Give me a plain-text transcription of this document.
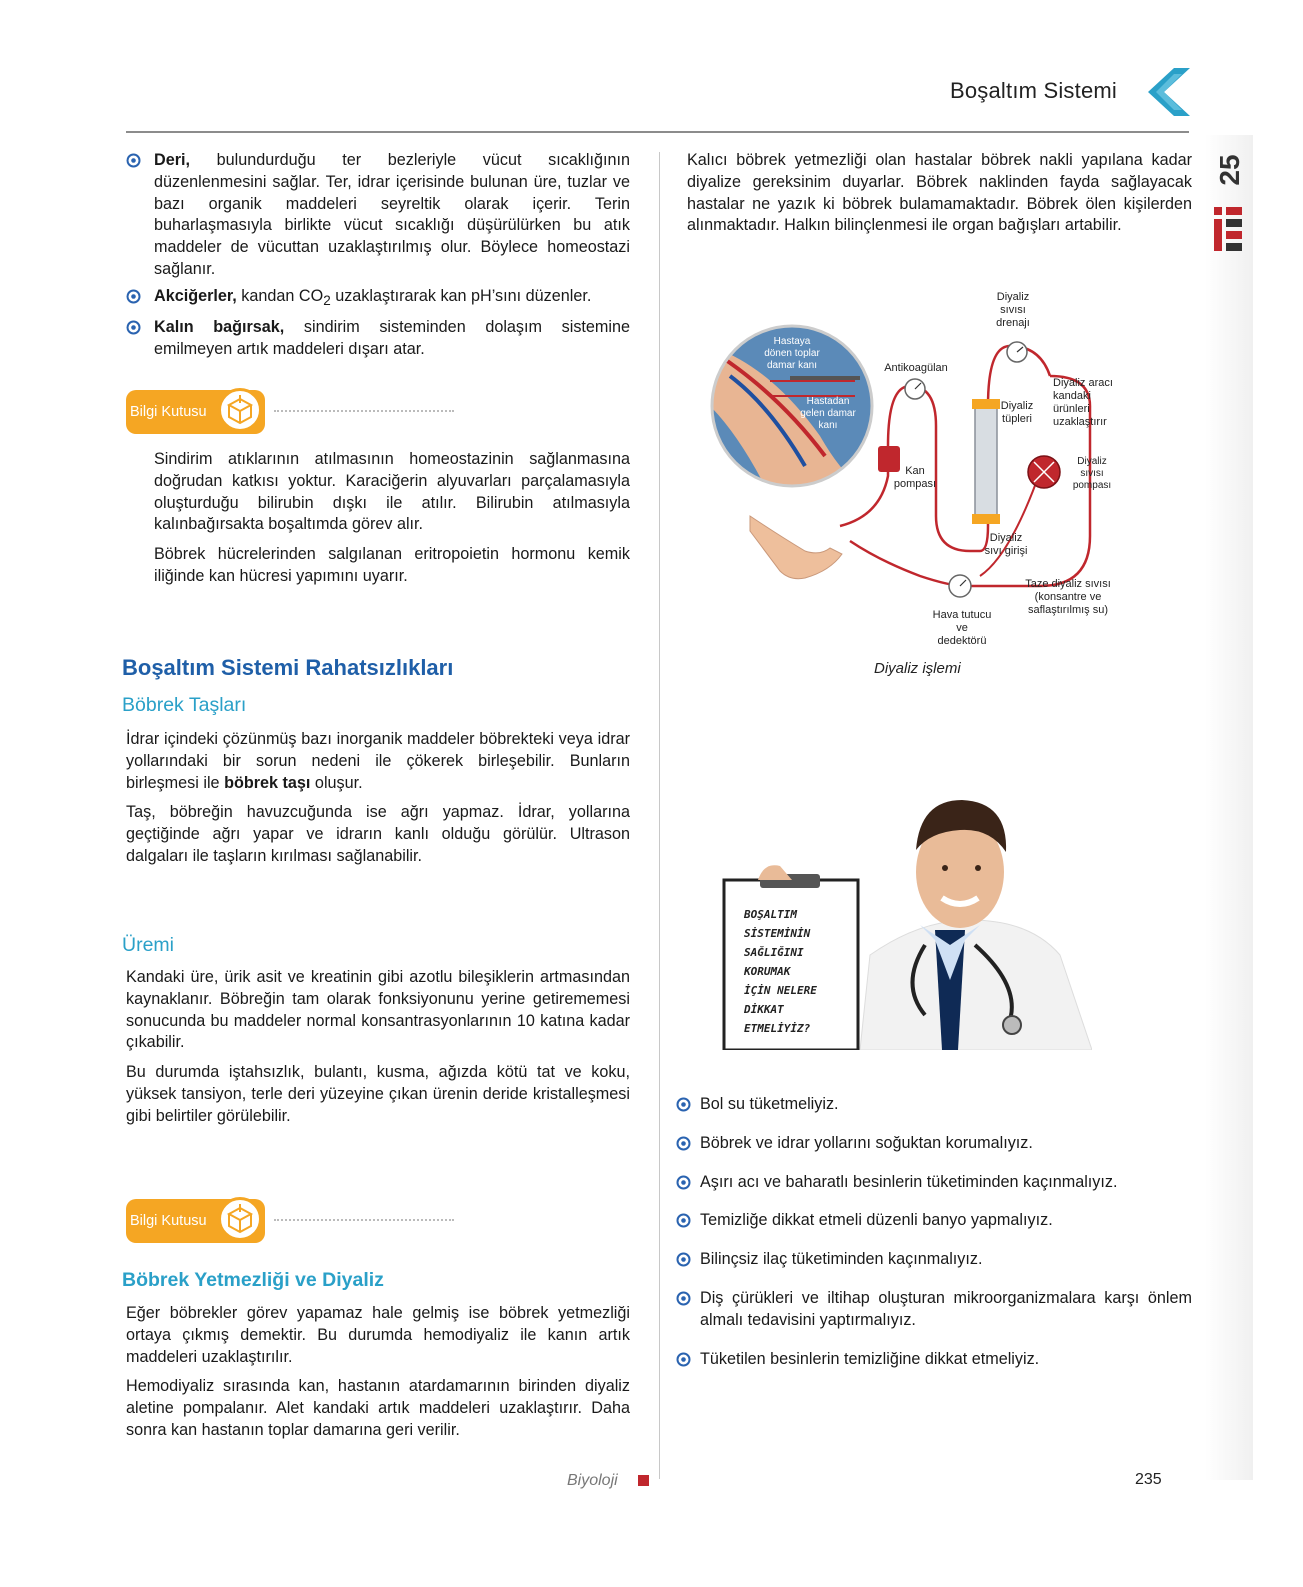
Boşaltım Sistemi
25
Deri, bulundurduğu ter bezleriyle vücut sıcaklığının düzenlenmesini sağlar. Ter, idrar içerisinde bulunan üre, tuzlar ve bazı organik maddeleri seyreltik olarak içerir. Terin buharlaşmasıyla birlikte vücut sıcaklığı düşürülürken bu atık maddeler de vücuttan uzaklaştırılmış olur. Böylece homeostazi sağlanır.
Akciğerler, kandan $CO_2$ uzaklaştırarak kan pH’sını düzenler.
Kalın bağırsak, sindirim sisteminden dolaşım sistemine emilmeyen artık maddeleri dışarı atar.
Bilgi Kutusu

Sindirim atıklarının atılmasının homeostazinin sağlanmasına doğrudan katkısı yoktur. Karaciğerin alyuvarları parçalamasıyla oluşturduğu bilirubin dışkı ile atılır. Bilirubin atılmasıyla kalınbağırsakta boşaltımda görev alır.

Böbrek hücrelerinden salgılanan eritropoietin hormonu kemik iliğinde kan hücresi yapımını uyarır.

Boşaltım Sistemi Rahatsızlıkları
Böbrek Taşları

İdrar içindeki çözünmüş bazı inorganik maddeler böbrekteki veya idrar yollarındaki bir sorun nedeni ile çökerek birleşebilir. Bunların birleşmesi ile böbrek taşı oluşur.

Taş, böbreğin havuzcuğunda ise ağrı yapmaz. İdrar, yollarına geçtiğinde ağrı yapar ve idrarın kanlı olduğu görülür. Ultrason dalgaları ile taşların kırılması sağlanabilir.

Üremi

Kandaki üre, ürik asit ve kreatinin gibi azotlu bileşiklerin artmasından kaynaklanır. Böbreğin tam olarak fonksiyonunu yerine getirememesi sonucunda bu maddeler normal konsantrasyonlarının 10 katına kadar çıkabilir.

Bu durumda iştahsızlık, bulantı, kusma, ağızda kötü tat ve koku, yüksek tansiyon, terle deri yüzeyine çıkan ürenin deride kristalleşmesi gibi belirtiler görülebilir.

Bilgi Kutusu
Böbrek Yetmezliği ve Diyaliz

Eğer böbrekler görev yapamaz hale gelmiş ise böbrek yetmezliği ortaya çıkmış demektir. Bu durumda hemodiyaliz ile kanın artık maddeleri uzaklaştırılır.

Hemodiyaliz sırasında kan, hastanın atardamarının birinden diyaliz aletine pompalanır. Alet kandaki artık maddeleri uzaklaştırır. Daha sonra kan hastanın toplar damarına geri verilir.

Kalıcı böbrek yetmezliği olan hastalar böbrek nakli yapılana kadar diyalize gereksinim duyarlar. Böbrek naklinden fayda sağlayacak hastalar ne yazık ki böbrek bulamamaktadır. Böbrek ölen kişilerden alınmaktadır. Halkın bilinçlenmesi ile organ bağışları artabilir.

Hastaya
dönen toplar
damar kanı
Hastadan
gelen damar
kanı
Kan
pompası
Antikoagülan
Diyaliz
tüpleri
Diyaliz
sıvısı
drenajı
Diyaliz aracı
kandaki
ürünleri
uzaklaştırır
Diyaliz
sıvısı
pompası
Diyaliz
sıvı girişi
Hava tutucu
ve
dedektörü
Taze diyaliz sıvısı
(konsantre ve
saflaştırılmış su)
Diyaliz işlemi
BOŞALTIM
SİSTEMİNİN
SAĞLIĞINI
KORUMAK
İÇİN NELERE
DİKKAT
ETMELİYİZ?
Bol su tüketmeliyiz.
Böbrek ve idrar yollarını soğuktan korumalıyız.
Aşırı acı ve baharatlı besinlerin tüketiminden kaçınmalıyız.
Temizliğe dikkat etmeli düzenli banyo yapmalıyız.
Bilinçsiz ilaç tüketiminden kaçınmalıyız.
Diş çürükleri ve iltihap oluşturan mikroorganizmalara karşı önlem almalı tedavisini yaptırmalıyız.
Tüketilen besinlerin temizliğine dikkat etmeliyiz.
Biyoloji	235
